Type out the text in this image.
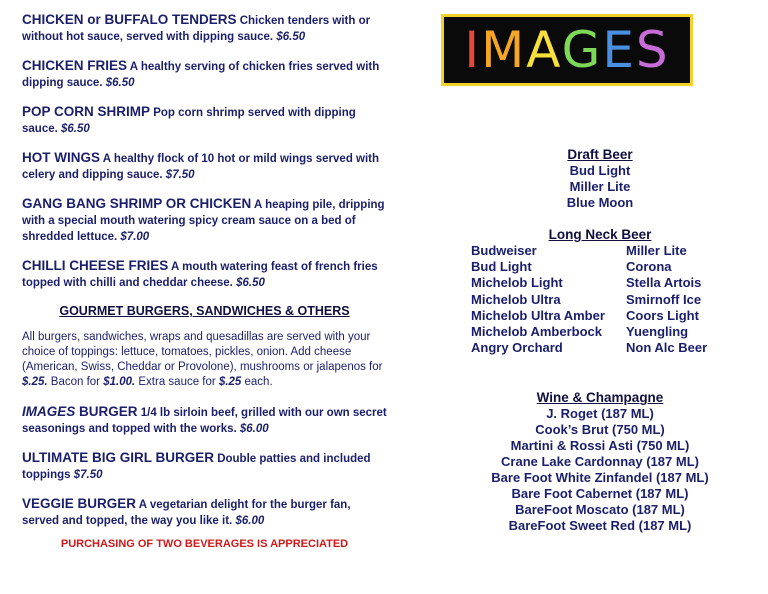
CHICKEN or BUFFALO TENDERS Chicken tenders with or without hot sauce, served with dipping sauce. $6.50
CHICKEN FRIES A healthy serving of chicken fries served with dipping sauce. $6.50
POP CORN SHRIMP Pop corn shrimp served with dipping sauce. $6.50
HOT WINGS A healthy flock of 10 hot or mild wings served with celery and dipping sauce. $7.50
GANG BANG SHRIMP OR CHICKEN A heaping pile, dripping with a special mouth watering spicy cream sauce on a bed of shredded lettuce. $7.00
CHILLI CHEESE FRIES A mouth watering feast of french fries topped with chilli and cheddar cheese. $6.50
GOURMET BURGERS, SANDWICHES & OTHERS
All burgers, sandwiches, wraps and quesadillas are served with your choice of toppings: lettuce, tomatoes, pickles, onion. Add cheese (American, Swiss, Cheddar or Provolone), mushrooms or jalapenos for $.25. Bacon for $1.00. Extra sauce for $.25 each.
IMAGES BURGER 1/4 lb sirloin beef, grilled with our own secret seasonings and topped with the works. $6.00
ULTIMATE BIG GIRL BURGER Double patties and included toppings $7.50
VEGGIE BURGER A vegetarian delight for the burger fan, served and topped, the way you like it. $6.00
PURCHASING OF TWO BEVERAGES IS APPRECIATED
IMAGES
Draft Beer
Bud Light
Miller Lite
Blue Moon
Long Neck Beer
Budweiser	Miller Lite
Bud Light	Corona
Michelob Light	Stella Artois
Michelob Ultra	Smirnoff Ice
Michelob Ultra Amber	Coors Light
Michelob Amberbock	Yuengling
Angry Orchard	Non Alc Beer
Wine & Champagne
J. Roget (187 ML)
Cook’s Brut (750 ML)
Martini & Rossi Asti (750 ML)
Crane Lake Cardonnay (187 ML)
Bare Foot White Zinfandel (187 ML)
Bare Foot Cabernet (187 ML)
BareFoot Moscato (187 ML)
BareFoot Sweet Red (187 ML)
